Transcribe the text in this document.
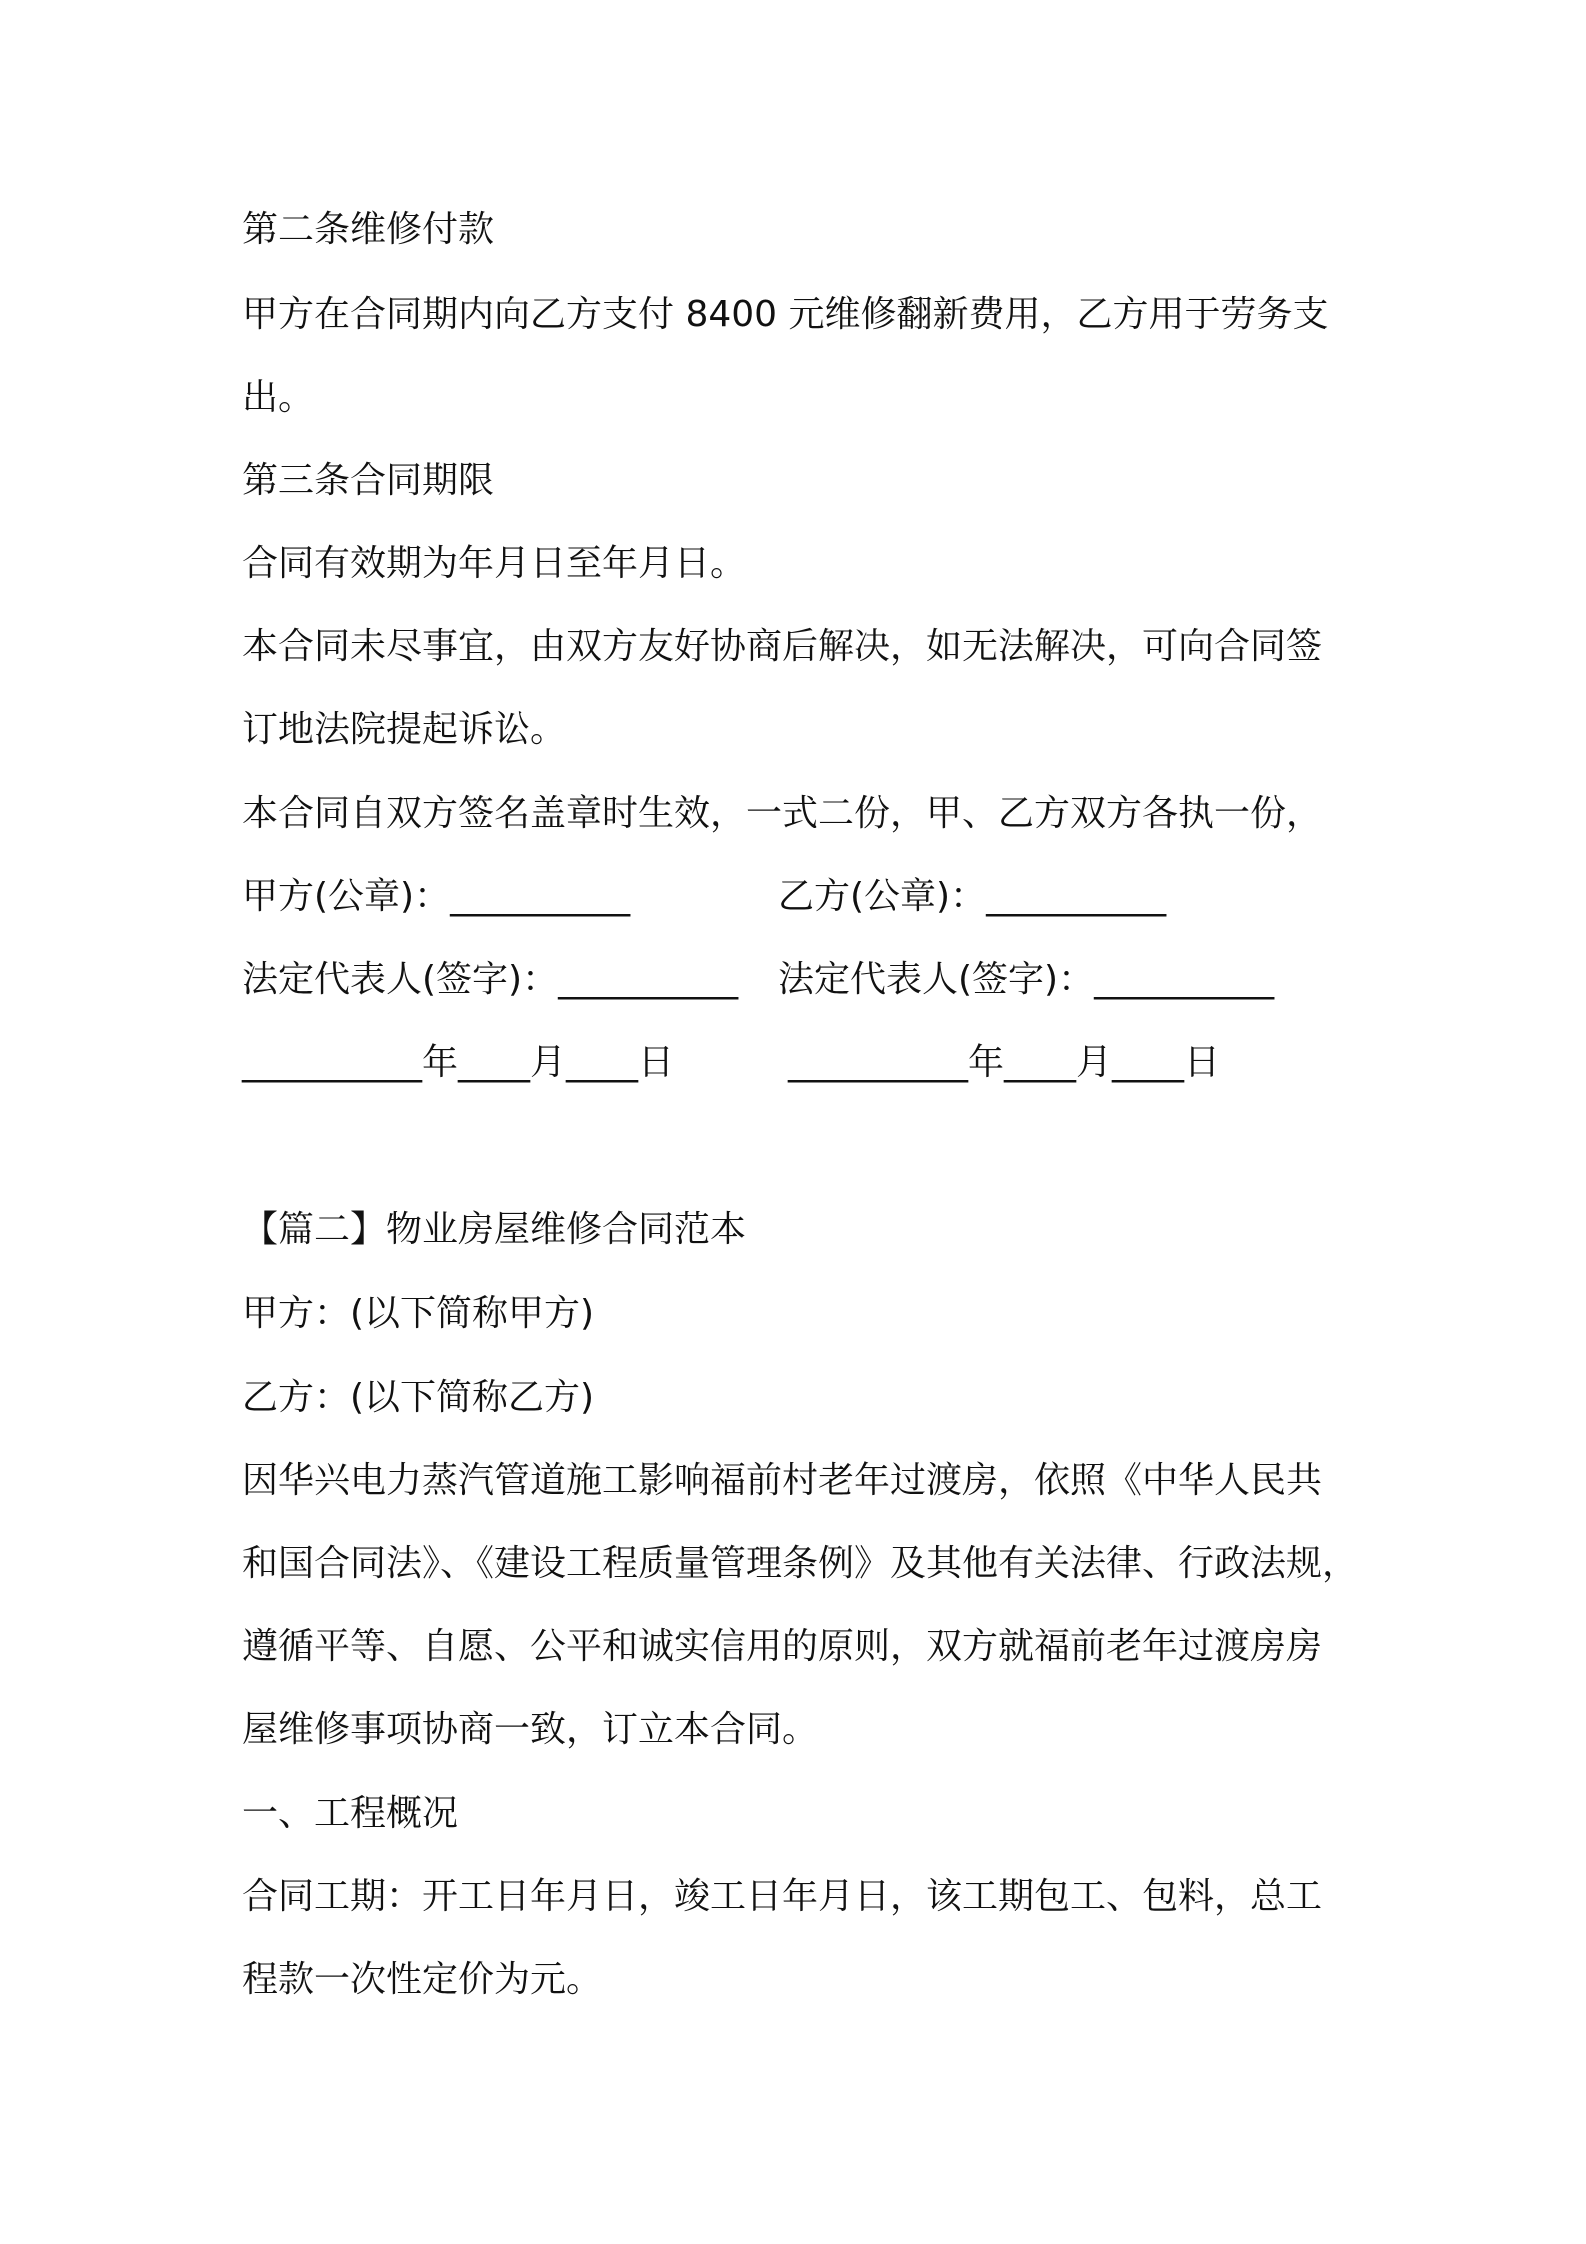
第二条维修付款

甲方在合同期内向乙方支付 8400 元维修翻新费用，乙方用于劳务支

出。

第三条合同期限

合同有效期为年月日至年月日。

本合同未尽事宜，由双方友好协商后解决，如无法解决，可向合同签

订地法院提起诉讼。

本合同自双方签名盖章时生效，一式二份，甲、乙方双方各执一份，

甲方(公章)：__________	乙方(公章)：__________
法定代表人(签字)：__________ 法定代表人(签字)：__________
__________年____月____日	__________年____月____日

【篇二】物业房屋维修合同范本

甲方：(以下简称甲方)

乙方：(以下简称乙方)

因华兴电力蒸汽管道施工影响福前村老年过渡房，依照《中华人民共

和国合同法》、《建设工程质量管理条例》及其他有关法律、行政法规，

遵循平等、自愿、公平和诚实信用的原则，双方就福前老年过渡房房

屋维修事项协商一致，订立本合同。

一、工程概况

合同工期：开工日年月日，竣工日年月日，该工期包工、包料，总工

程款一次性定价为元。
